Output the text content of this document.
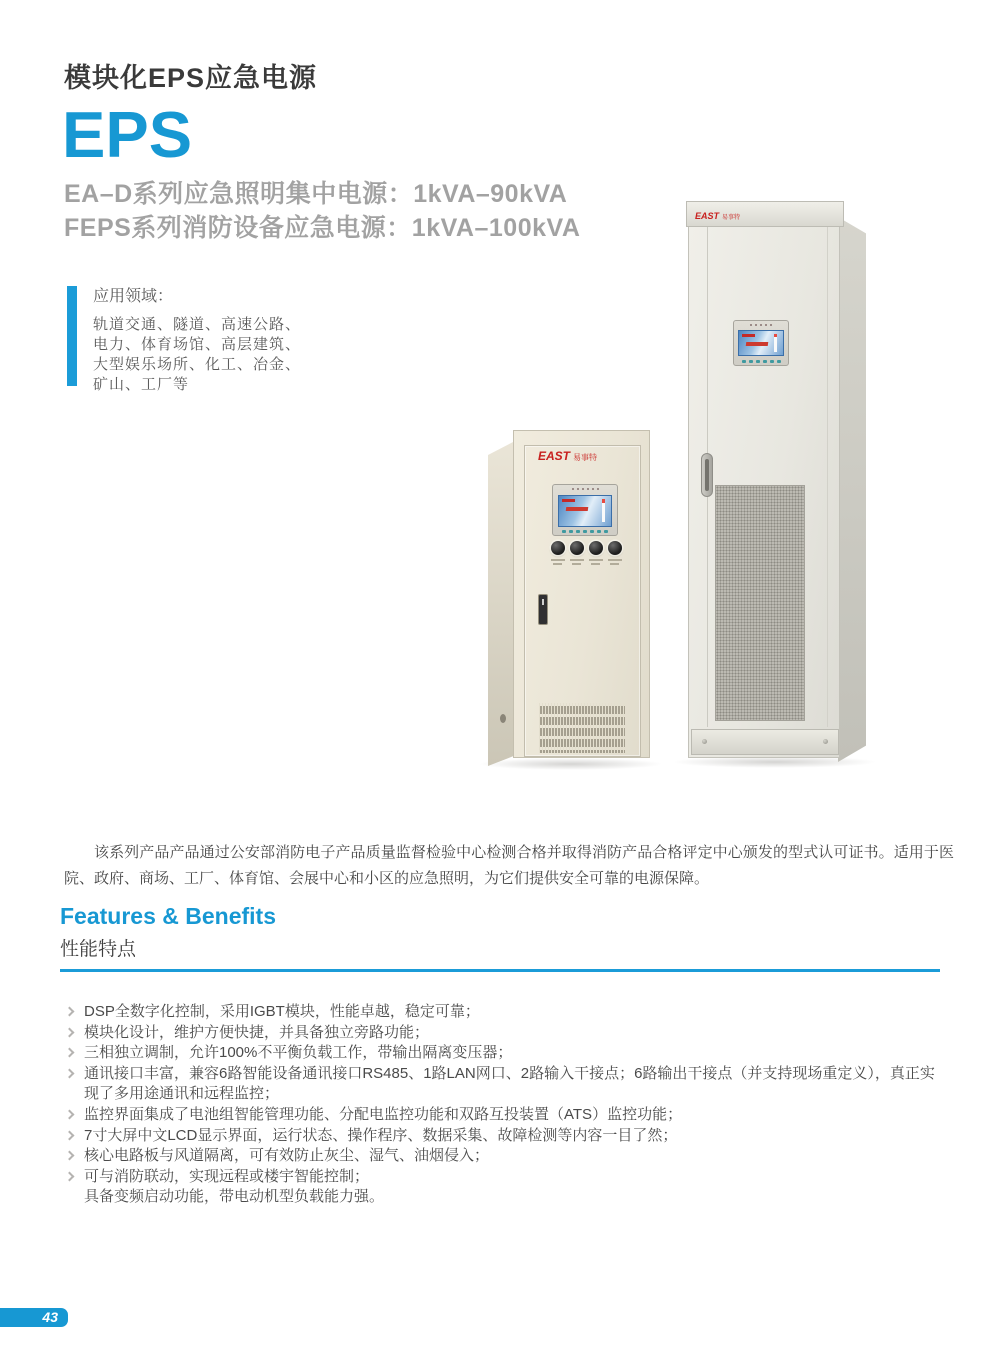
模块化EPS应急电源
EPS
EA–D系列应急照明集中电源：1kVA–90kVA
FEPS系列消防设备应急电源：1kVA–100kVA
应用领域：
轨道交通、隧道、高速公路、
电力、体育场馆、高层建筑、
大型娱乐场所、化工、冶金、
矿山、工厂等
EAST 易事特
EAST 易事特

该系列产品产品通过公安部消防电子产品质量监督检验中心检测合格并取得消防产品合格评定中心颁发的型式认可证书。适用于医院、政府、商场、工厂、体育馆、会展中心和小区的应急照明，为它们提供安全可靠的电源保障。

Features & Benefits
性能特点
DSP全数字化控制，采用IGBT模块，性能卓越，稳定可靠；
模块化设计，维护方便快捷，并具备独立旁路功能；
三相独立调制，允许100%不平衡负载工作，带输出隔离变压器；
通讯接口丰富，兼容6路智能设备通讯接口RS485、1路LAN网口、2路输入干接点；6路输出干接点（并支持现场重定义），真正实现了多用途通讯和远程监控；
监控界面集成了电池组智能管理功能、分配电监控功能和双路互投装置（ATS）监控功能；
7寸大屏中文LCD显示界面，运行状态、操作程序、数据采集、故障检测等内容一目了然；
核心电路板与风道隔离，可有效防止灰尘、湿气、油烟侵入；
可与消防联动，实现远程或楼宇智能控制；
具备变频启动功能，带电动机型负载能力强。
43
